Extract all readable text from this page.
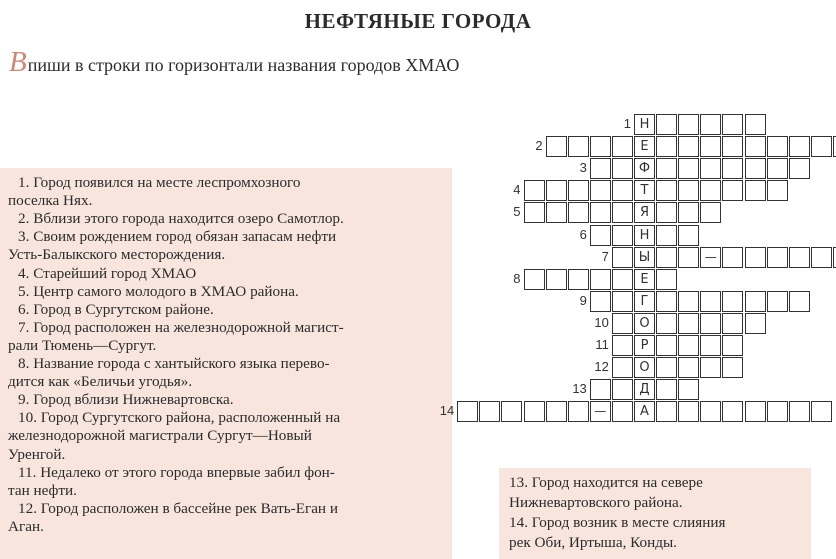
НЕФТЯНЫЕ ГОРОДА
Впиши в строки по горизонтали названия городов ХМАО
1. Город появился на месте леспромхозного
поселка Нях.
2. Вблизи этого города находится озеро Самотлор.
3. Своим рождением город обязан запасам нефти
Усть-Балыкского месторождения.
4. Старейший город ХМАО
5. Центр самого молодого в ХМАО района.
6. Город в Сургутском районе.
7. Город расположен на железнодорожной магист-
рали Тюмень—Сургут.
8. Название города с хантыйского языка перево-
дится как «Беличьи угодья».
9. Город вблизи Нижневартовска.
10. Город Сургутского района, расположенный на
железнодорожной магистрали Сургут—Новый
Уренгой.
11. Недалеко от этого города впервые забил фон-
тан нефти.
12. Город расположен в бассейне рек Вать-Еган и
Аган.
13. Город находится на севере
Нижневартовского района.
14. Город возник в месте слияния
рек Оби, Иртыша, Конды.
Н
1
Е
2
Ф
3
Т
4
Я
5
Н
6
Ы
—
7
Е
8
Г
9
О
10
Р
11
О
12
Д
13
—
А
14
